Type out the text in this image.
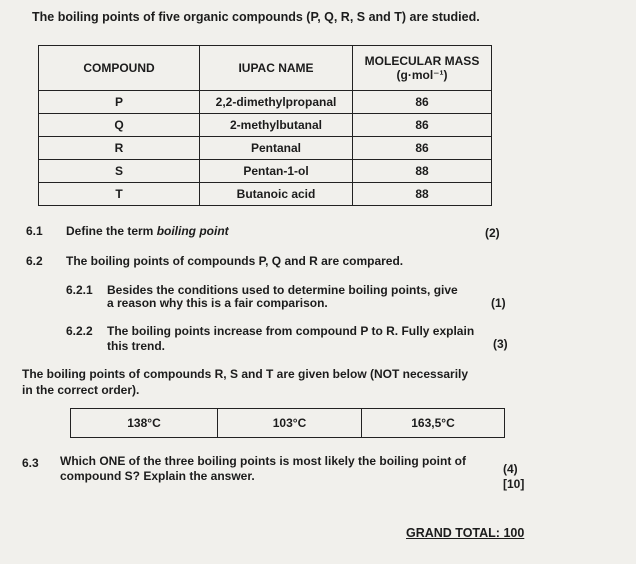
The boiling points of five organic compounds (P, Q, R, S and T) are studied.
COMPOUND	IUPAC NAME	MOLECULAR MASS
(g·mol⁻¹)

P	2,2-dimethylpropanal	86
Q	2-methylbutanal	86
R	Pentanal	86
S	Pentan-1-ol	88
T	Butanoic acid	88
6.1 Define the term boiling point	(2)
6.2 The boiling points of compounds P, Q and R are compared.
6.2.1 Besides the conditions used to determine boiling points, give
a reason why this is a fair comparison.	(1)
6.2.2 The boiling points increase from compound P to R. Fully explain
this trend.	(3)
The boiling points of compounds R, S and T are given below (NOT necessarily
in the correct order).
138°C	103°C	163,5°C
6.3 Which ONE of the three boiling points is most likely the boiling point of
compound S? Explain the answer.	(4)
[10]
GRAND TOTAL: 100
